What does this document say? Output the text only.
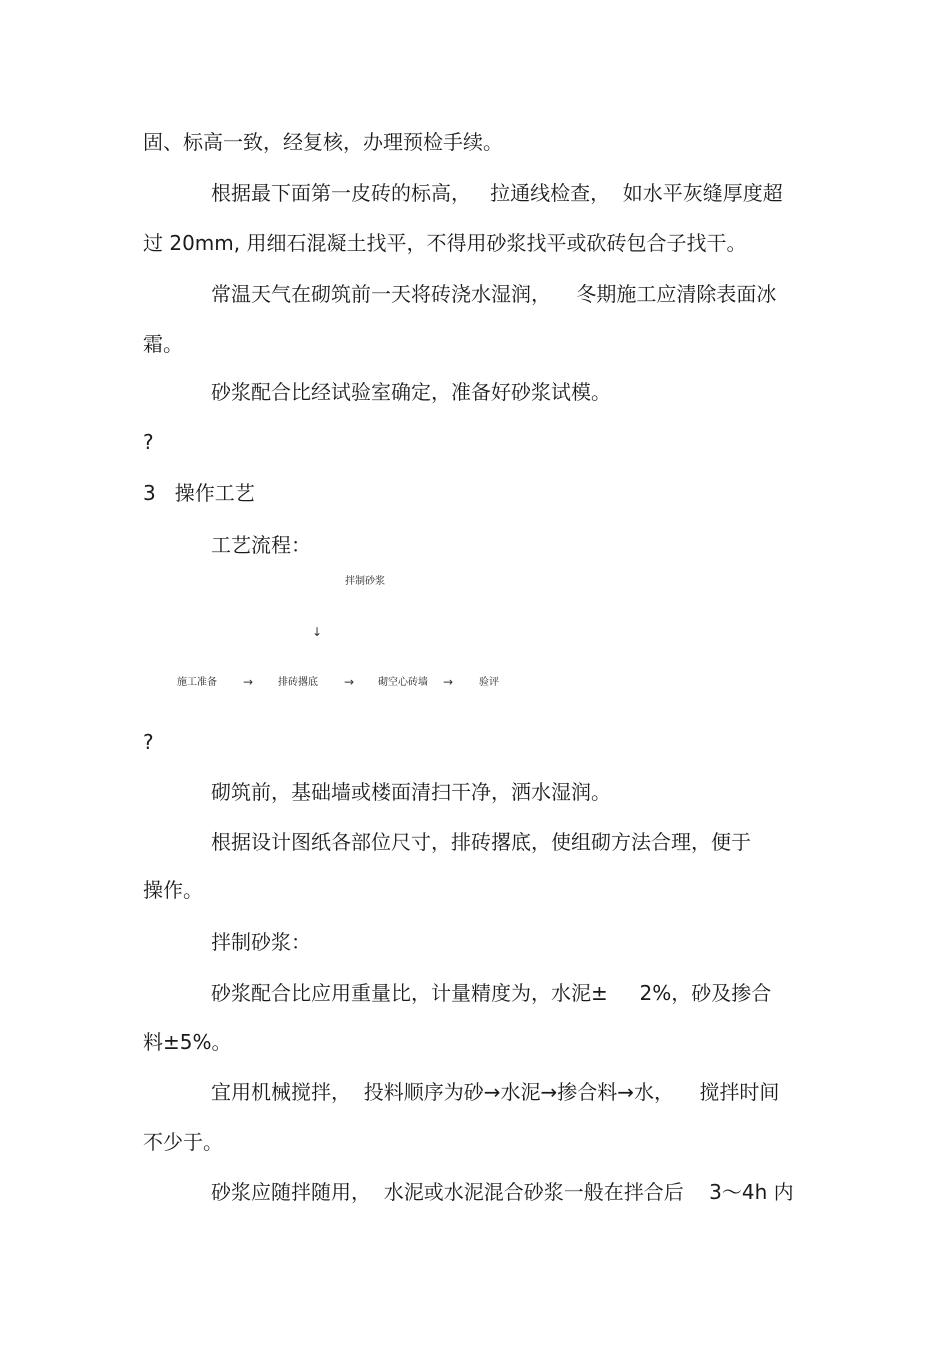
固、标高一致，经复核，办理预检手续。
根据最下面第一皮砖的标高，   拉通线检查，  如水平灰缝厚度超
过 20mm, 用细石混凝土找平，不得用砂浆找平或砍砖包合子找干。
常温天气在砌筑前一天将砖浇水湿润，    冬期施工应清除表面冰
霜。
砂浆配合比经试验室确定，准备好砂浆试模。
?
3   操作工艺
工艺流程：
拌制砂浆
↓
施工准备 → 排砖撂底 → 砌空心砖墙 →	验评
?
砌筑前，基础墙或楼面清扫干净，洒水湿润。
根据设计图纸各部位尺寸，排砖撂底，使组砌方法合理，便于
操作。
拌制砂浆：
砂浆配合比应用重量比，计量精度为，水泥±     2%，砂及掺合
料±5%。
宜用机械搅拌，  投料顺序为砂→水泥→掺合料→水，    搅拌时间
不少于。
砂浆应随拌随用，  水泥或水泥混合砂浆一般在拌合后    3～4h 内
